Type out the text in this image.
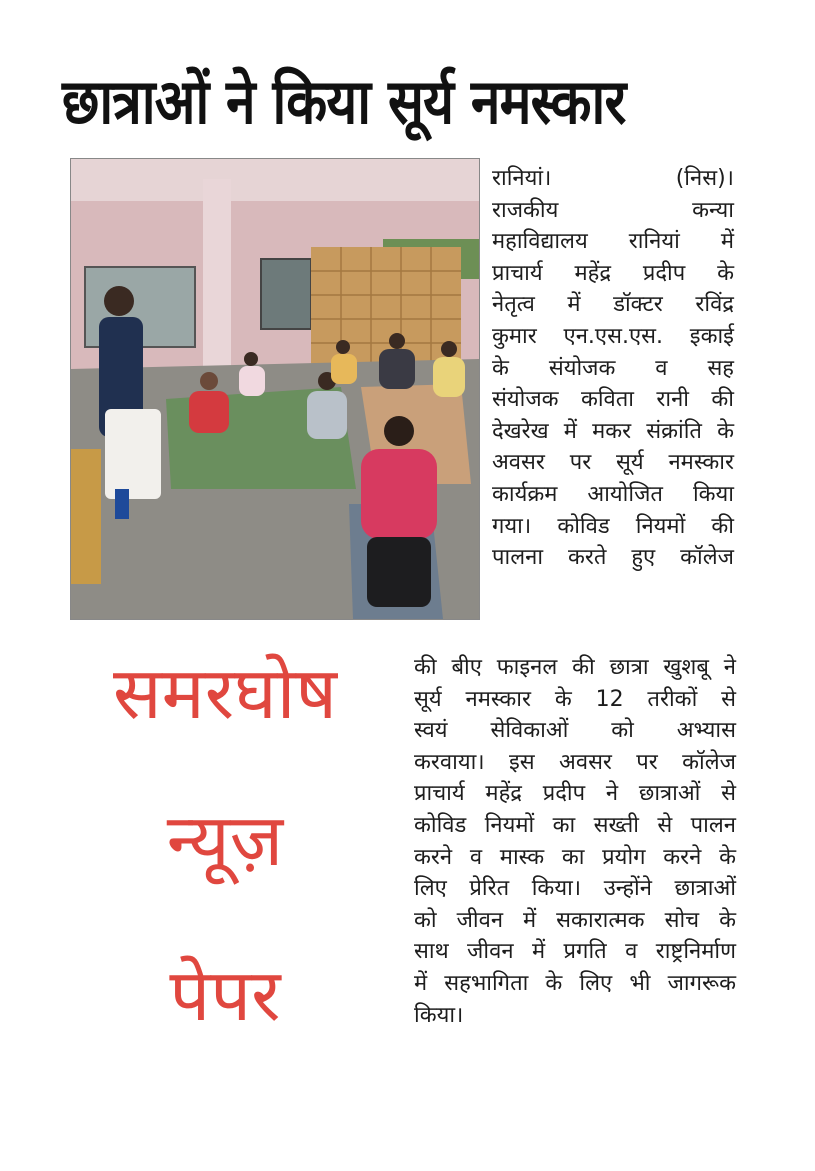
छात्राओं ने किया सूर्य नमस्कार
रानियां। (निस)।
राजकीय कन्या
महाविद्यालय रानियां में
प्राचार्य महेंद्र प्रदीप के
नेतृत्व में डॉक्टर रविंद्र
कुमार एन.एस.एस. इकाई
के संयोजक व सह
संयोजक कविता रानी की
देखरेख में मकर संक्रांति के
अवसर पर सूर्य नमस्कार
कार्यक्रम आयोजित किया
गया। कोविड नियमों की
पालना करते हुए कॉलेज
की बीए फाइनल की छात्रा खुशबू ने
सूर्य नमस्कार के 12 तरीकों से
स्वयं सेविकाओं को अभ्यास
करवाया। इस अवसर पर कॉलेज
प्राचार्य महेंद्र प्रदीप ने छात्राओं से
कोविड नियमों का सख्ती से पालन
करने व मास्क का प्रयोग करने के
लिए प्रेरित किया। उन्होंने छात्राओं
को जीवन में सकारात्मक सोच के
साथ जीवन में प्रगति व राष्ट्रनिर्माण
में सहभागिता के लिए भी जागरूक
किया।
समरघोष
न्यूज़
पेपर
